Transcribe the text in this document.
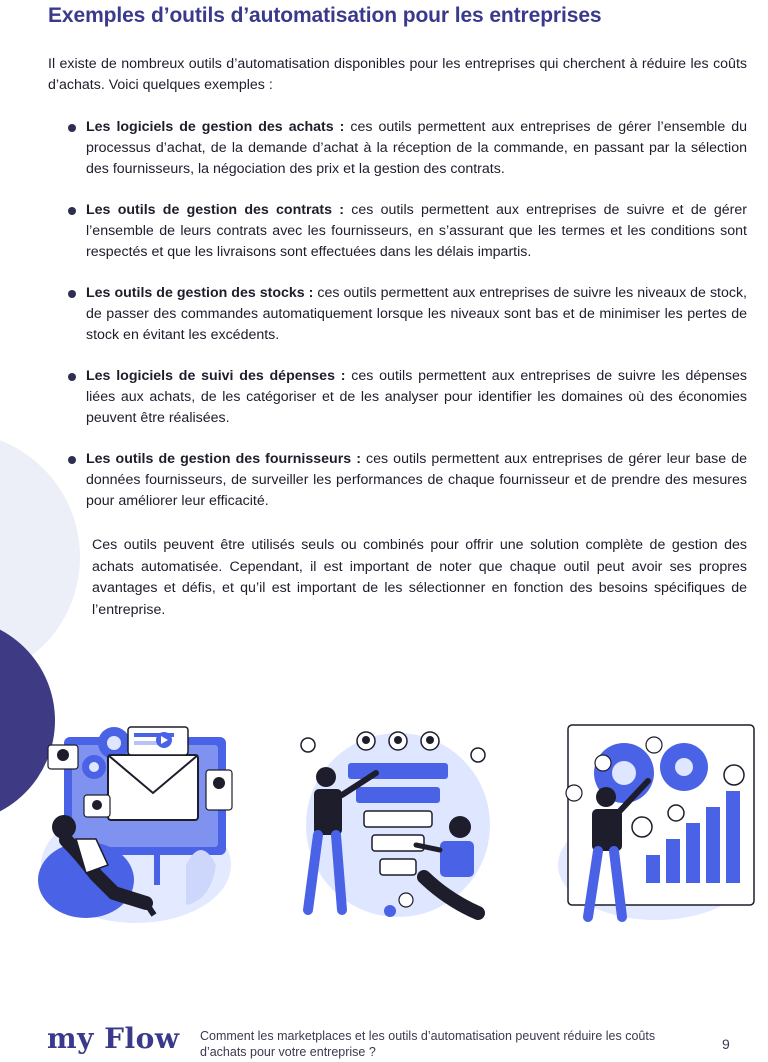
Exemples d’outils d’automatisation pour les entreprises

Il existe de nombreux outils d’automatisation disponibles pour les entreprises qui cherchent à réduire les coûts d’achats. Voici quelques exemples :

Les logiciels de gestion des achats : ces outils permettent aux entreprises de gérer l’ensemble du processus d’achat, de la demande d’achat à la réception de la commande, en passant par la sélection des fournisseurs, la négociation des prix et la gestion des contrats.
Les outils de gestion des contrats : ces outils permettent aux entreprises de suivre et de gérer l’ensemble de leurs contrats avec les fournisseurs, en s’assurant que les termes et les conditions sont respectés et que les livraisons sont effectuées dans les délais impartis.
Les outils de gestion des stocks : ces outils permettent aux entreprises de suivre les niveaux de stock, de passer des commandes automatiquement lorsque les niveaux sont bas et de minimiser les pertes de stock en évitant les excédents.
Les logiciels de suivi des dépenses : ces outils permettent aux entreprises de suivre les dépenses liées aux achats, de les catégoriser et de les analyser pour identifier les domaines où des économies peuvent être réalisées.
Les outils de gestion des fournisseurs : ces outils permettent aux entreprises de gérer leur base de données fournisseurs, de surveiller les performances de chaque fournisseur et de prendre des mesures pour améliorer leur efficacité.

Ces outils peuvent être utilisés seuls ou combinés pour offrir une solution complète de gestion des achats automatisée. Cependant, il est important de noter que chaque outil peut avoir ses propres avantages et défis, et qu’il est important de les sélectionner en fonction des besoins spécifiques de l’entreprise.

my Flow Comment les marketplaces et les outils d’automatisation peuvent réduire les coûts d’achats pour votre entreprise ?	9
